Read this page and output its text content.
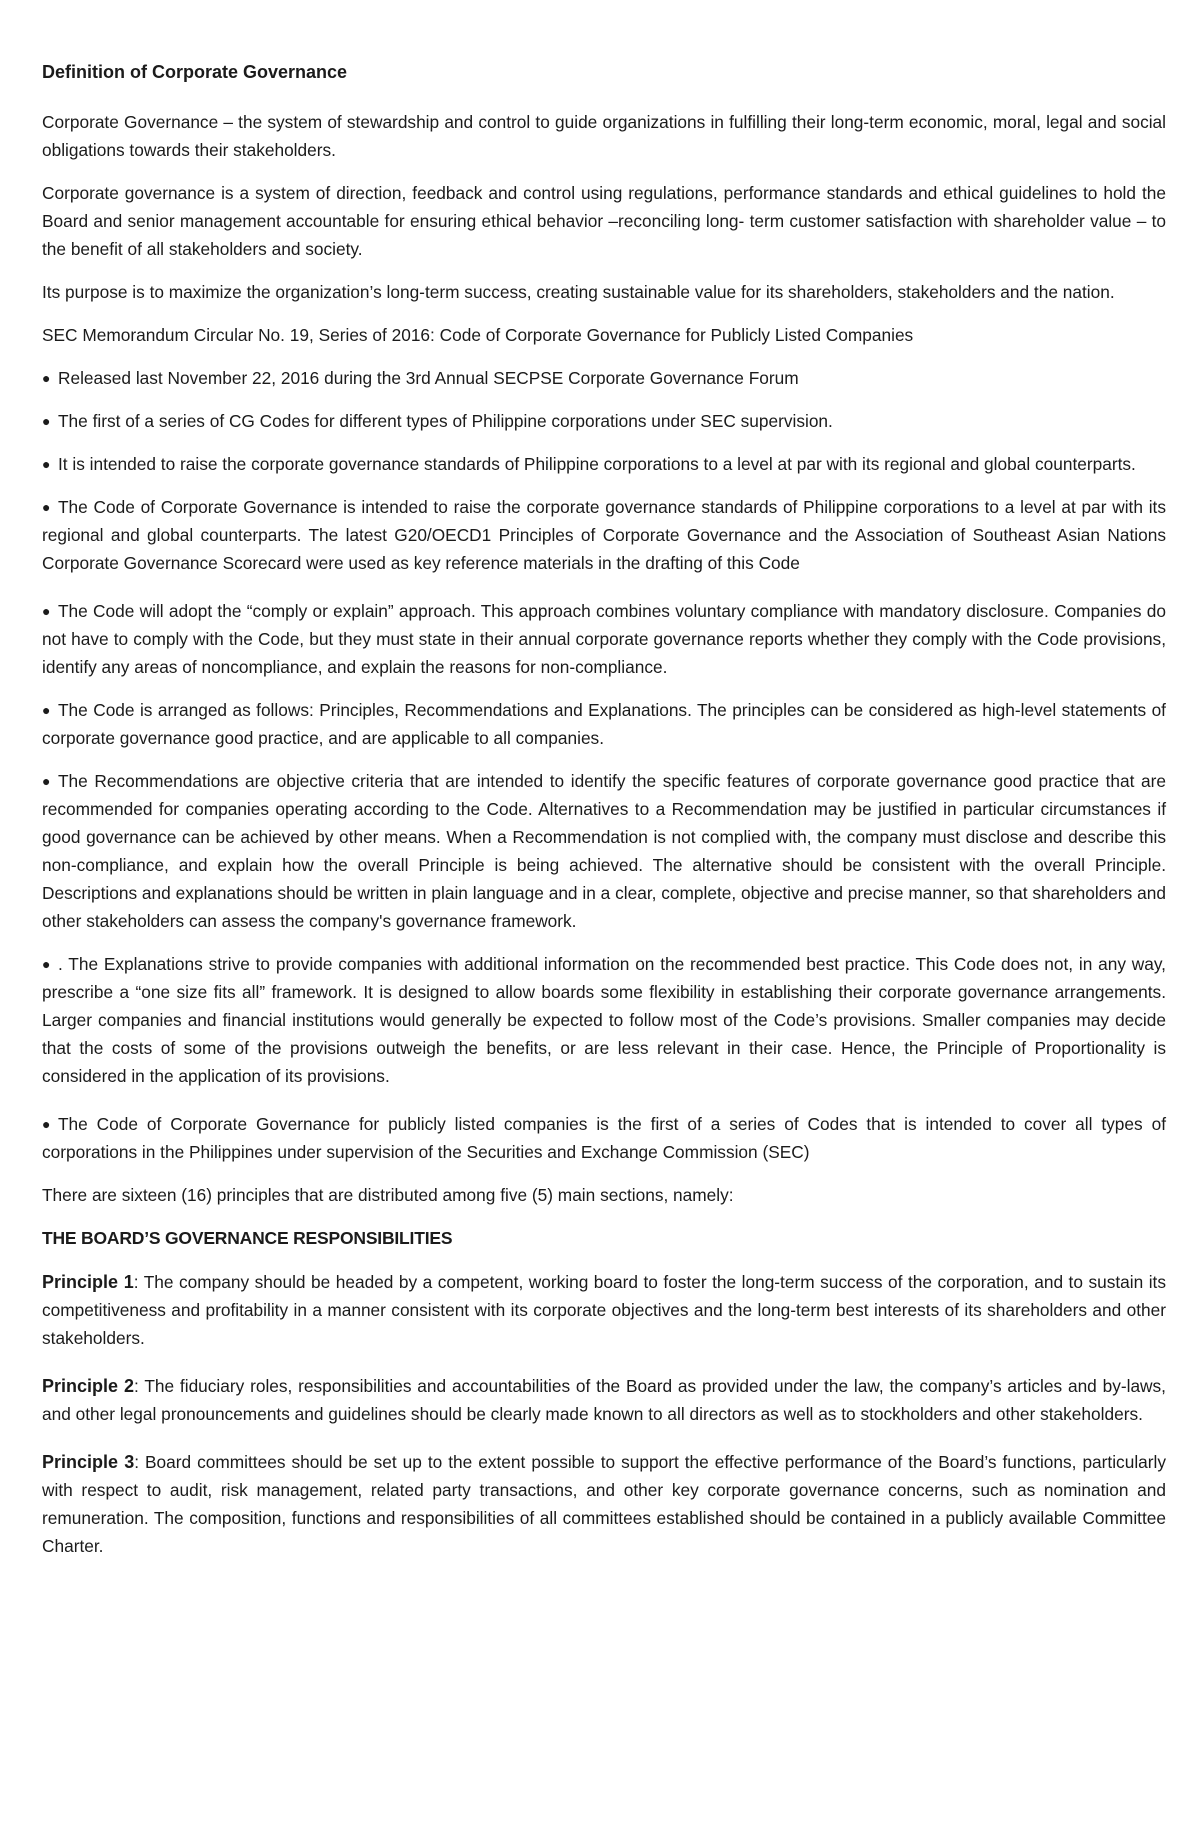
Definition of Corporate Governance

Corporate Governance – the system of stewardship and control to guide organizations in fulfilling their long-term economic, moral, legal and social obligations towards their stakeholders.

Corporate governance is a system of direction, feedback and control using regulations, performance standards and ethical guidelines to hold the Board and senior management accountable for ensuring ethical behavior –reconciling long- term customer satisfaction with shareholder value – to the benefit of all stakeholders and society.

Its purpose is to maximize the organization’s long-term success, creating sustainable value for its shareholders, stakeholders and the nation.

SEC Memorandum Circular No. 19, Series of 2016: Code of Corporate Governance for Publicly Listed Companies

● Released last November 22, 2016 during the 3rd Annual SECPSE Corporate Governance Forum

● The first of a series of CG Codes for different types of Philippine corporations under SEC supervision.

● It is intended to raise the corporate governance standards of Philippine corporations to a level at par with its regional and global counterparts.

● The Code of Corporate Governance is intended to raise the corporate governance standards of Philippine corporations to a level at par with its regional and global counterparts. The latest G20/OECD1 Principles of Corporate Governance and the Association of Southeast Asian Nations Corporate Governance Scorecard were used as key reference materials in the drafting of this Code

● The Code will adopt the “comply or explain” approach. This approach combines voluntary compliance with mandatory disclosure. Companies do not have to comply with the Code, but they must state in their annual corporate governance reports whether they comply with the Code provisions, identify any areas of noncompliance, and explain the reasons for non-compliance.

● The Code is arranged as follows: Principles, Recommendations and Explanations. The principles can be considered as high-level statements of corporate governance good practice, and are applicable to all companies.

● The Recommendations are objective criteria that are intended to identify the specific features of corporate governance good practice that are recommended for companies operating according to the Code. Alternatives to a Recommendation may be justified in particular circumstances if good governance can be achieved by other means. When a Recommendation is not complied with, the company must disclose and describe this non-compliance, and explain how the overall Principle is being achieved. The alternative should be consistent with the overall Principle. Descriptions and explanations should be written in plain language and in a clear, complete, objective and precise manner, so that shareholders and other stakeholders can assess the company's governance framework.

● . The Explanations strive to provide companies with additional information on the recommended best practice. This Code does not, in any way, prescribe a “one size fits all” framework. It is designed to allow boards some flexibility in establishing their corporate governance arrangements. Larger companies and financial institutions would generally be expected to follow most of the Code’s provisions. Smaller companies may decide that the costs of some of the provisions outweigh the benefits, or are less relevant in their case. Hence, the Principle of Proportionality is considered in the application of its provisions.

● The Code of Corporate Governance for publicly listed companies is the first of a series of Codes that is intended to cover all types of corporations in the Philippines under supervision of the Securities and Exchange Commission (SEC)

There are sixteen (16) principles that are distributed among five (5) main sections, namely:

THE BOARD’S GOVERNANCE RESPONSIBILITIES

Principle 1: The company should be headed by a competent, working board to foster the long-term success of the corporation, and to sustain its competitiveness and profitability in a manner consistent with its corporate objectives and the long-term best interests of its shareholders and other stakeholders.

Principle 2: The fiduciary roles, responsibilities and accountabilities of the Board as provided under the law, the company’s articles and by-laws, and other legal pronouncements and guidelines should be clearly made known to all directors as well as to stockholders and other stakeholders.

Principle 3: Board committees should be set up to the extent possible to support the effective performance of the Board’s functions, particularly with respect to audit, risk management, related party transactions, and other key corporate governance concerns, such as nomination and remuneration. The composition, functions and responsibilities of all committees established should be contained in a publicly available Committee Charter.
